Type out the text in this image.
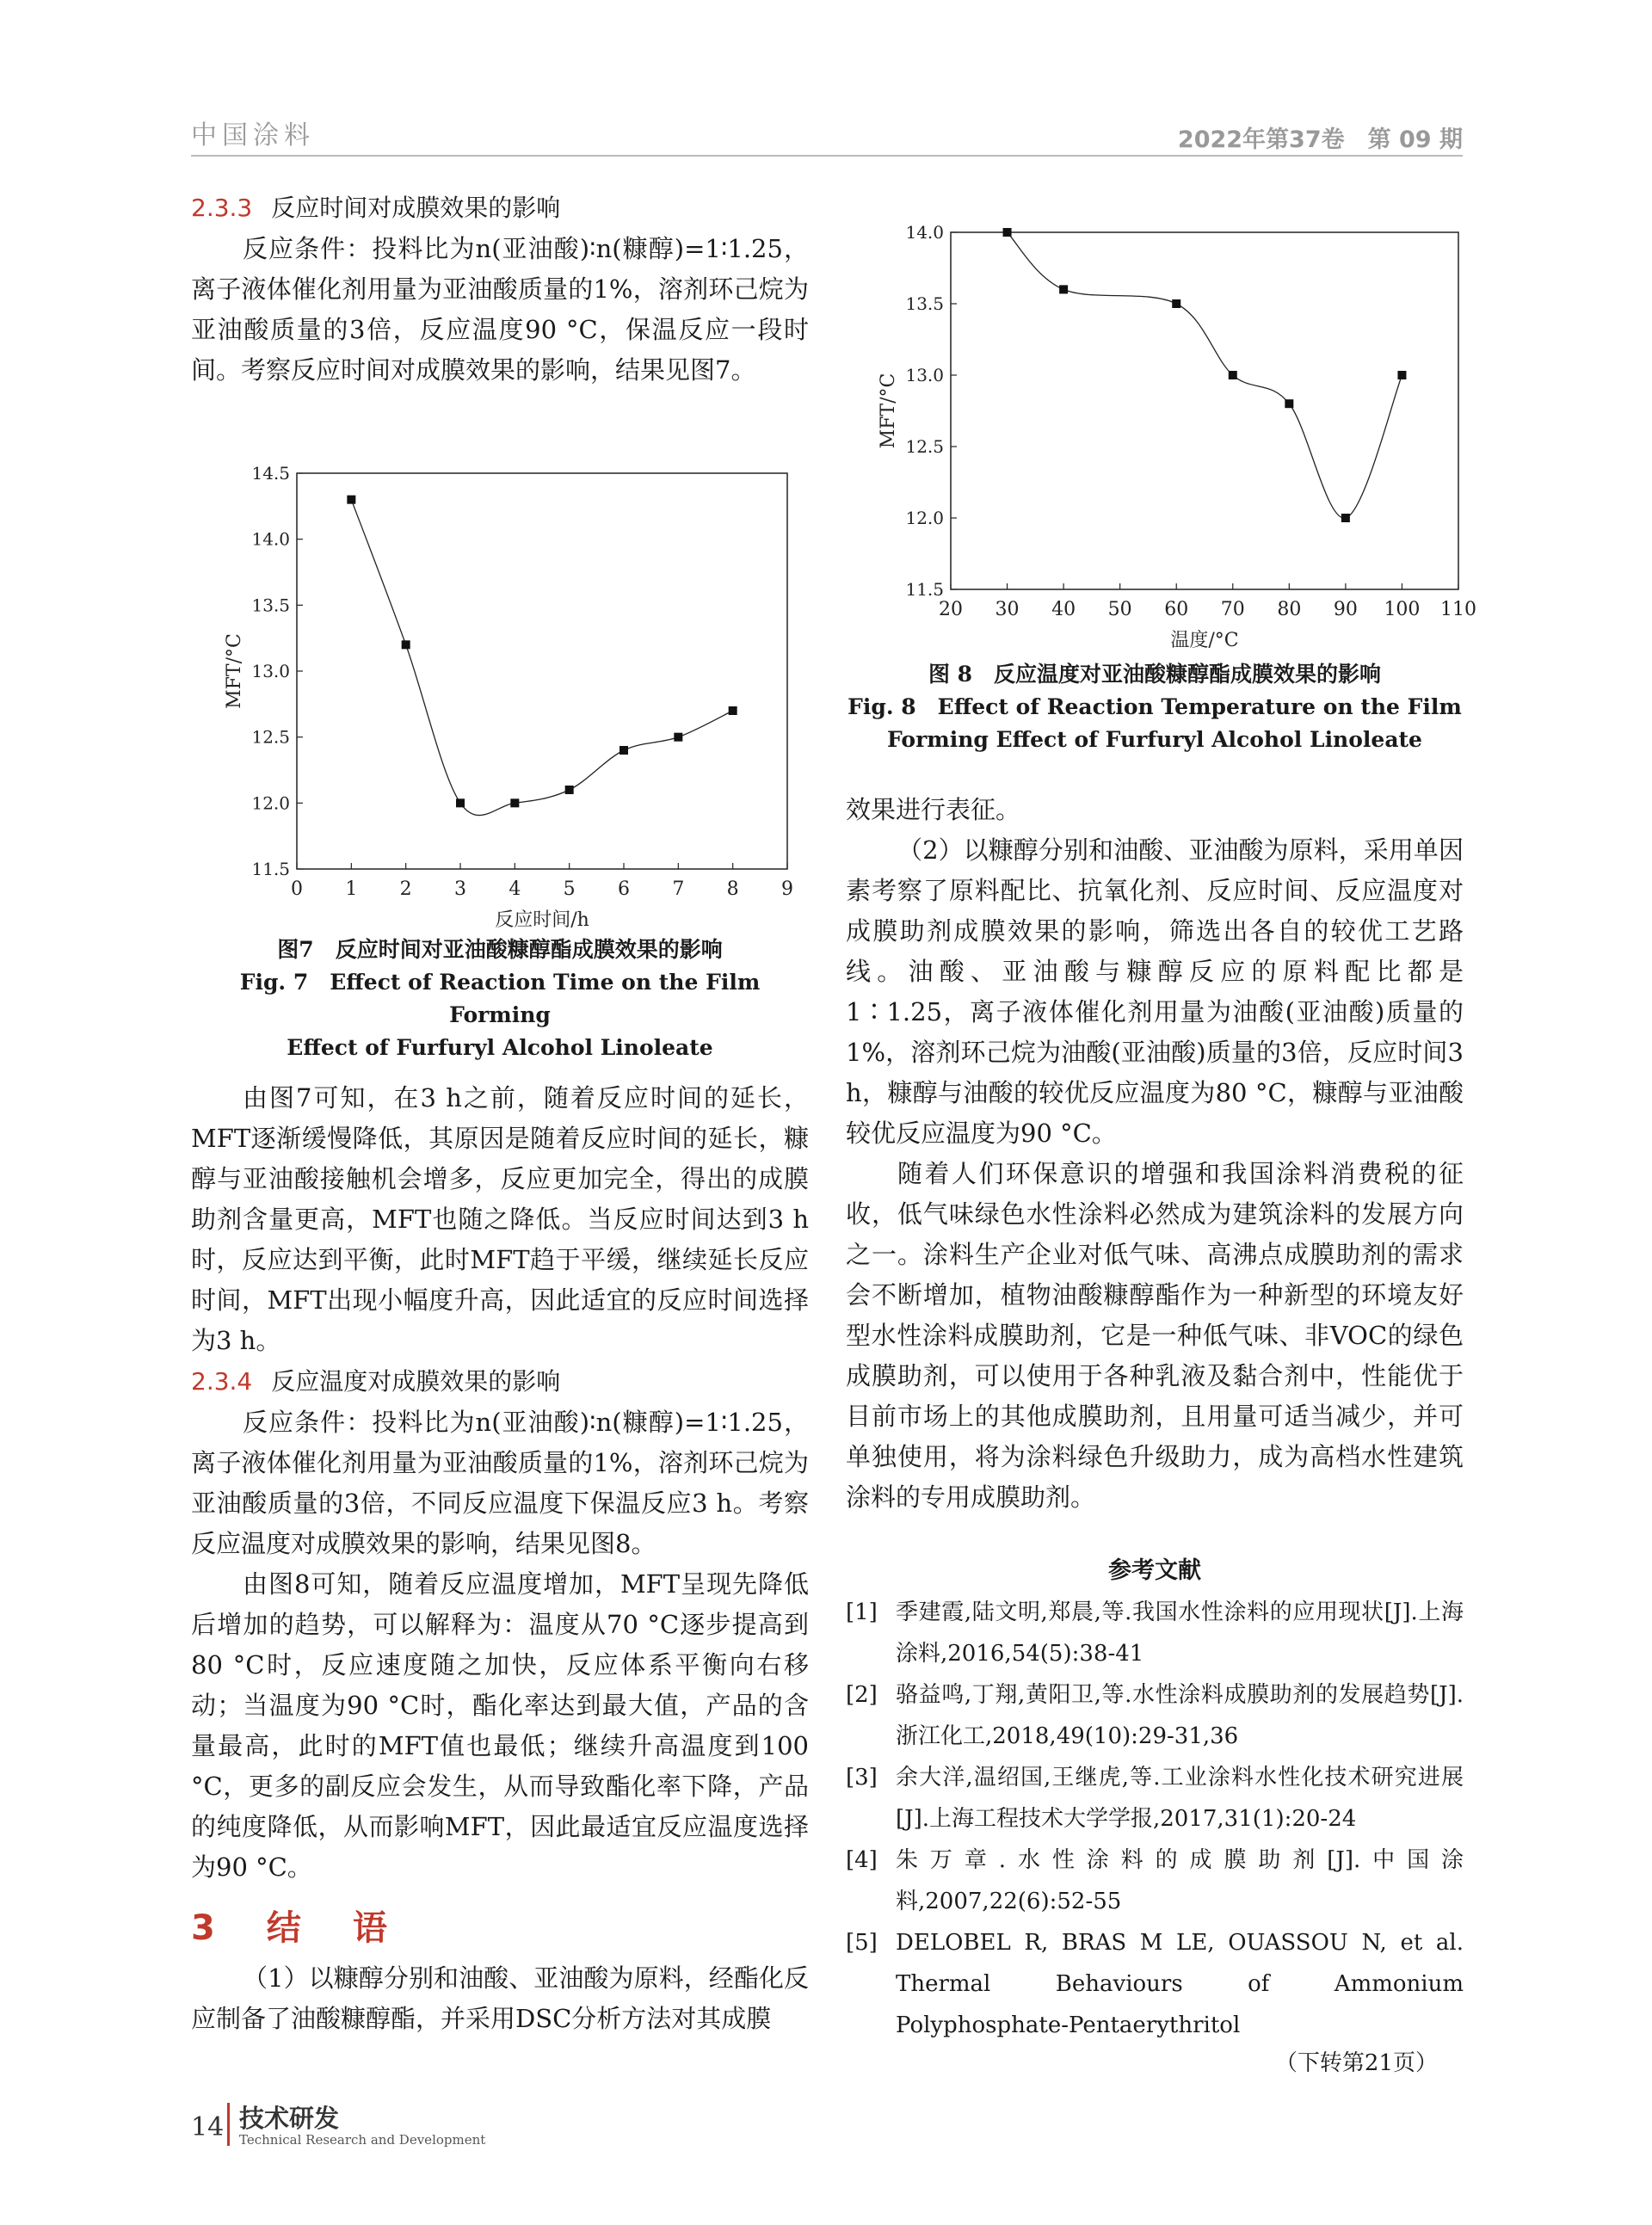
中国涂料	2022年第37卷　第 09 期
2.3.3 反应时间对成膜效果的影响

反应条件：投料比为n(亚油酸)∶n(糠醇)=1∶1.25，离子液体催化剂用量为亚油酸质量的1%，溶剂环己烷为亚油酸质量的3倍，反应温度90 °C，保温反应一段时间。考察反应时间对成膜效果的影响，结果见图7。

0 1 2 3 4 5 6 7 8 9
11.5
12.0
12.5
13.0
13.5
14.0
14.5
反应时间/h
MFT/°C
图7　反应时间对亚油酸糠醇酯成膜效果的影响
Fig. 7　Effect of Reaction Time on the Film Forming
Effect of Furfuryl Alcohol Linoleate

由图7可知，在3 h之前，随着反应时间的延长，MFT逐渐缓慢降低，其原因是随着反应时间的延长，糠醇与亚油酸接触机会增多，反应更加完全，得出的成膜助剂含量更高，MFT也随之降低。当反应时间达到3 h时，反应达到平衡，此时MFT趋于平缓，继续延长反应时间，MFT出现小幅度升高，因此适宜的反应时间选择为3 h。

2.3.4 反应温度对成膜效果的影响

反应条件：投料比为n(亚油酸)∶n(糠醇)=1∶1.25，离子液体催化剂用量为亚油酸质量的1%，溶剂环己烷为亚油酸质量的3倍，不同反应温度下保温反应3 h。考察反应温度对成膜效果的影响，结果见图8。

由图8可知，随着反应温度增加，MFT呈现先降低后增加的趋势，可以解释为：温度从70 °C逐步提高到80 °C时，反应速度随之加快，反应体系平衡向右移动；当温度为90 °C时，酯化率达到最大值，产品的含量最高，此时的MFT值也最低；继续升高温度到100 °C，更多的副反应会发生，从而导致酯化率下降，产品的纯度降低，从而影响MFT，因此最适宜反应温度选择为90 °C。

3　 结　语

（1）以糠醇分别和油酸、亚油酸为原料，经酯化反应制备了油酸糠醇酯，并采用DSC分析方法对其成膜

20 30 40 50 60 70 80 90 100 110
11.5
12.0
12.5
13.0
13.5
14.0
温度/°C
MFT/°C
图 8　反应温度对亚油酸糠醇酯成膜效果的影响
Fig. 8　Effect of Reaction Temperature on the Film
Forming Effect of Furfuryl Alcohol Linoleate

效果进行表征。

（2）以糠醇分别和油酸、亚油酸为原料，采用单因素考察了原料配比、抗氧化剂、反应时间、反应温度对成膜助剂成膜效果的影响，筛选出各自的较优工艺路线。油酸、亚油酸与糠醇反应的原料配比都是1∶1.25，离子液体催化剂用量为油酸(亚油酸)质量的1%，溶剂环己烷为油酸(亚油酸)质量的3倍，反应时间3 h，糠醇与油酸的较优反应温度为80 °C，糠醇与亚油酸较优反应温度为90 °C。

随着人们环保意识的增强和我国涂料消费税的征收，低气味绿色水性涂料必然成为建筑涂料的发展方向之一。涂料生产企业对低气味、高沸点成膜助剂的需求会不断增加，植物油酸糠醇酯作为一种新型的环境友好型水性涂料成膜助剂，它是一种低气味、非VOC的绿色成膜助剂，可以使用于各种乳液及黏合剂中，性能优于目前市场上的其他成膜助剂，且用量可适当减少，并可单独使用，将为涂料绿色升级助力，成为高档水性建筑涂料的专用成膜助剂。

参考文献
[1] 季建霞,陆文明,郑晨,等.我国水性涂料的应用现状[J].上海涂料,2016,54(5):38-41
[2] 骆益鸣,丁翔,黄阳卫,等.水性涂料成膜助剂的发展趋势[J].浙江化工,2018,49(10):29-31,36
[3] 余大洋,温绍国,王继虎,等.工业涂料水性化技术研究进展[J].上海工程技术大学学报,2017,31(1):20-24
[4] 朱万章.水性涂料的成膜助剂[J].中国涂料,2007,22(6):52-55
[5] DELOBEL R, BRAS M LE, OUASSOU N, et al. Thermal Behaviours of Ammonium Polyphosphate-Pentaerythritol
（下转第21页）
14 技术研发
Technical Research and Development
